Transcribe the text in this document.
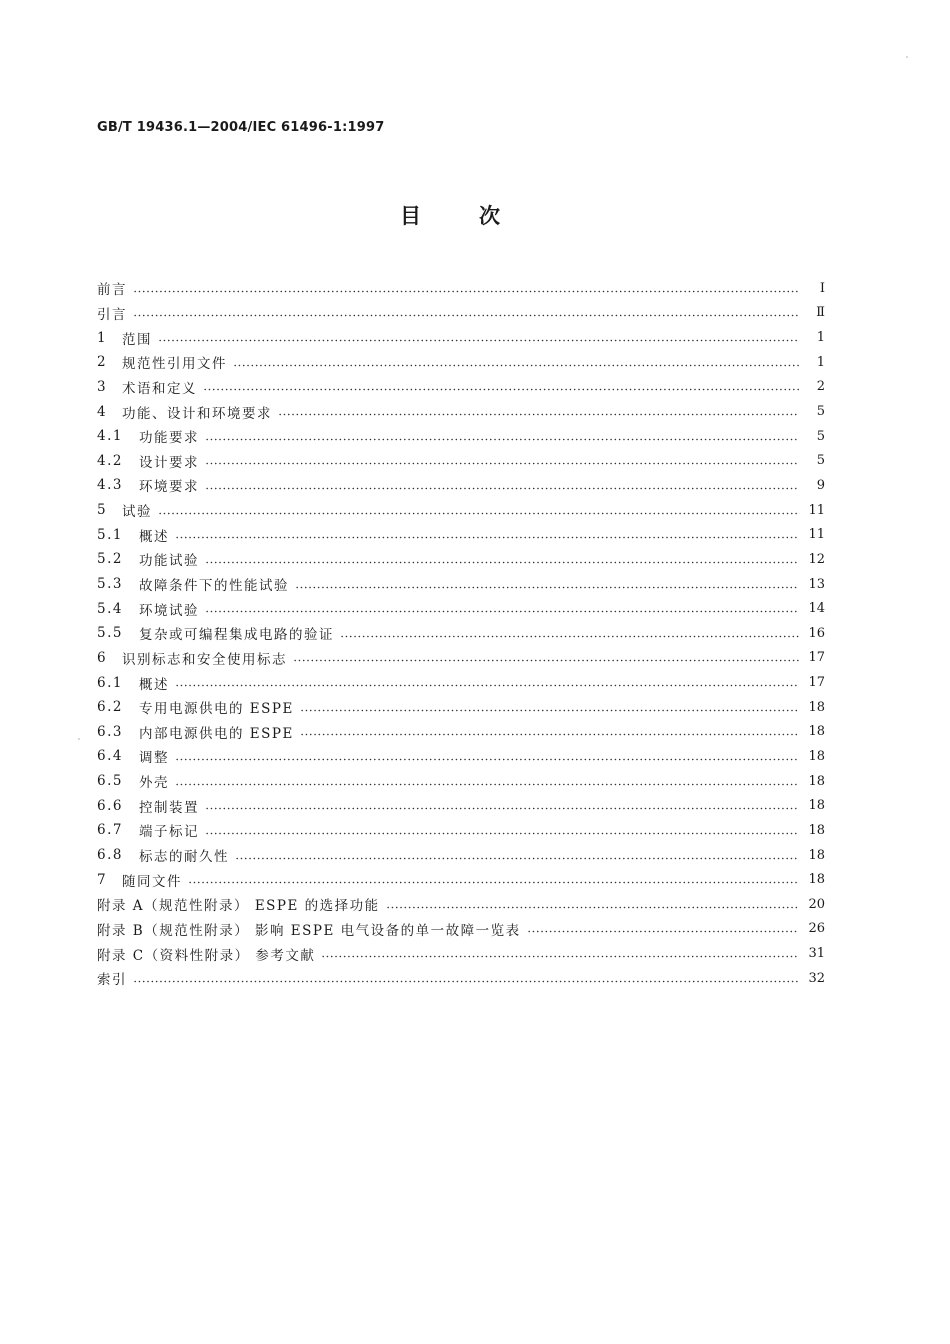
GB/T 19436.1—2004/IEC 61496-1:1997
目次
前言	I
引言	Ⅱ
1	范围	1
2	规范性引用文件	1
3	术语和定义	2
4	功能、设计和环境要求	5
4.1	功能要求	5
4.2	设计要求	5
4.3	环境要求	9
5	试验	11
5.1	概述	11
5.2	功能试验	12
5.3	故障条件下的性能试验	13
5.4	环境试验	14
5.5	复杂或可编程集成电路的验证	16
6	识别标志和安全使用标志	17
6.1	概述	17
6.2	专用电源供电的 ESPE	18
6.3	内部电源供电的 ESPE	18
6.4	调整	18
6.5	外壳	18
6.6	控制装置	18
6.7	端子标记	18
6.8	标志的耐久性	18
7	随同文件	18
附录 A（规范性附录） ESPE 的选择功能	20
附录 B（规范性附录） 影响 ESPE 电气设备的单一故障一览表	26
附录 C（资料性附录） 参考文献	31
索引	32
